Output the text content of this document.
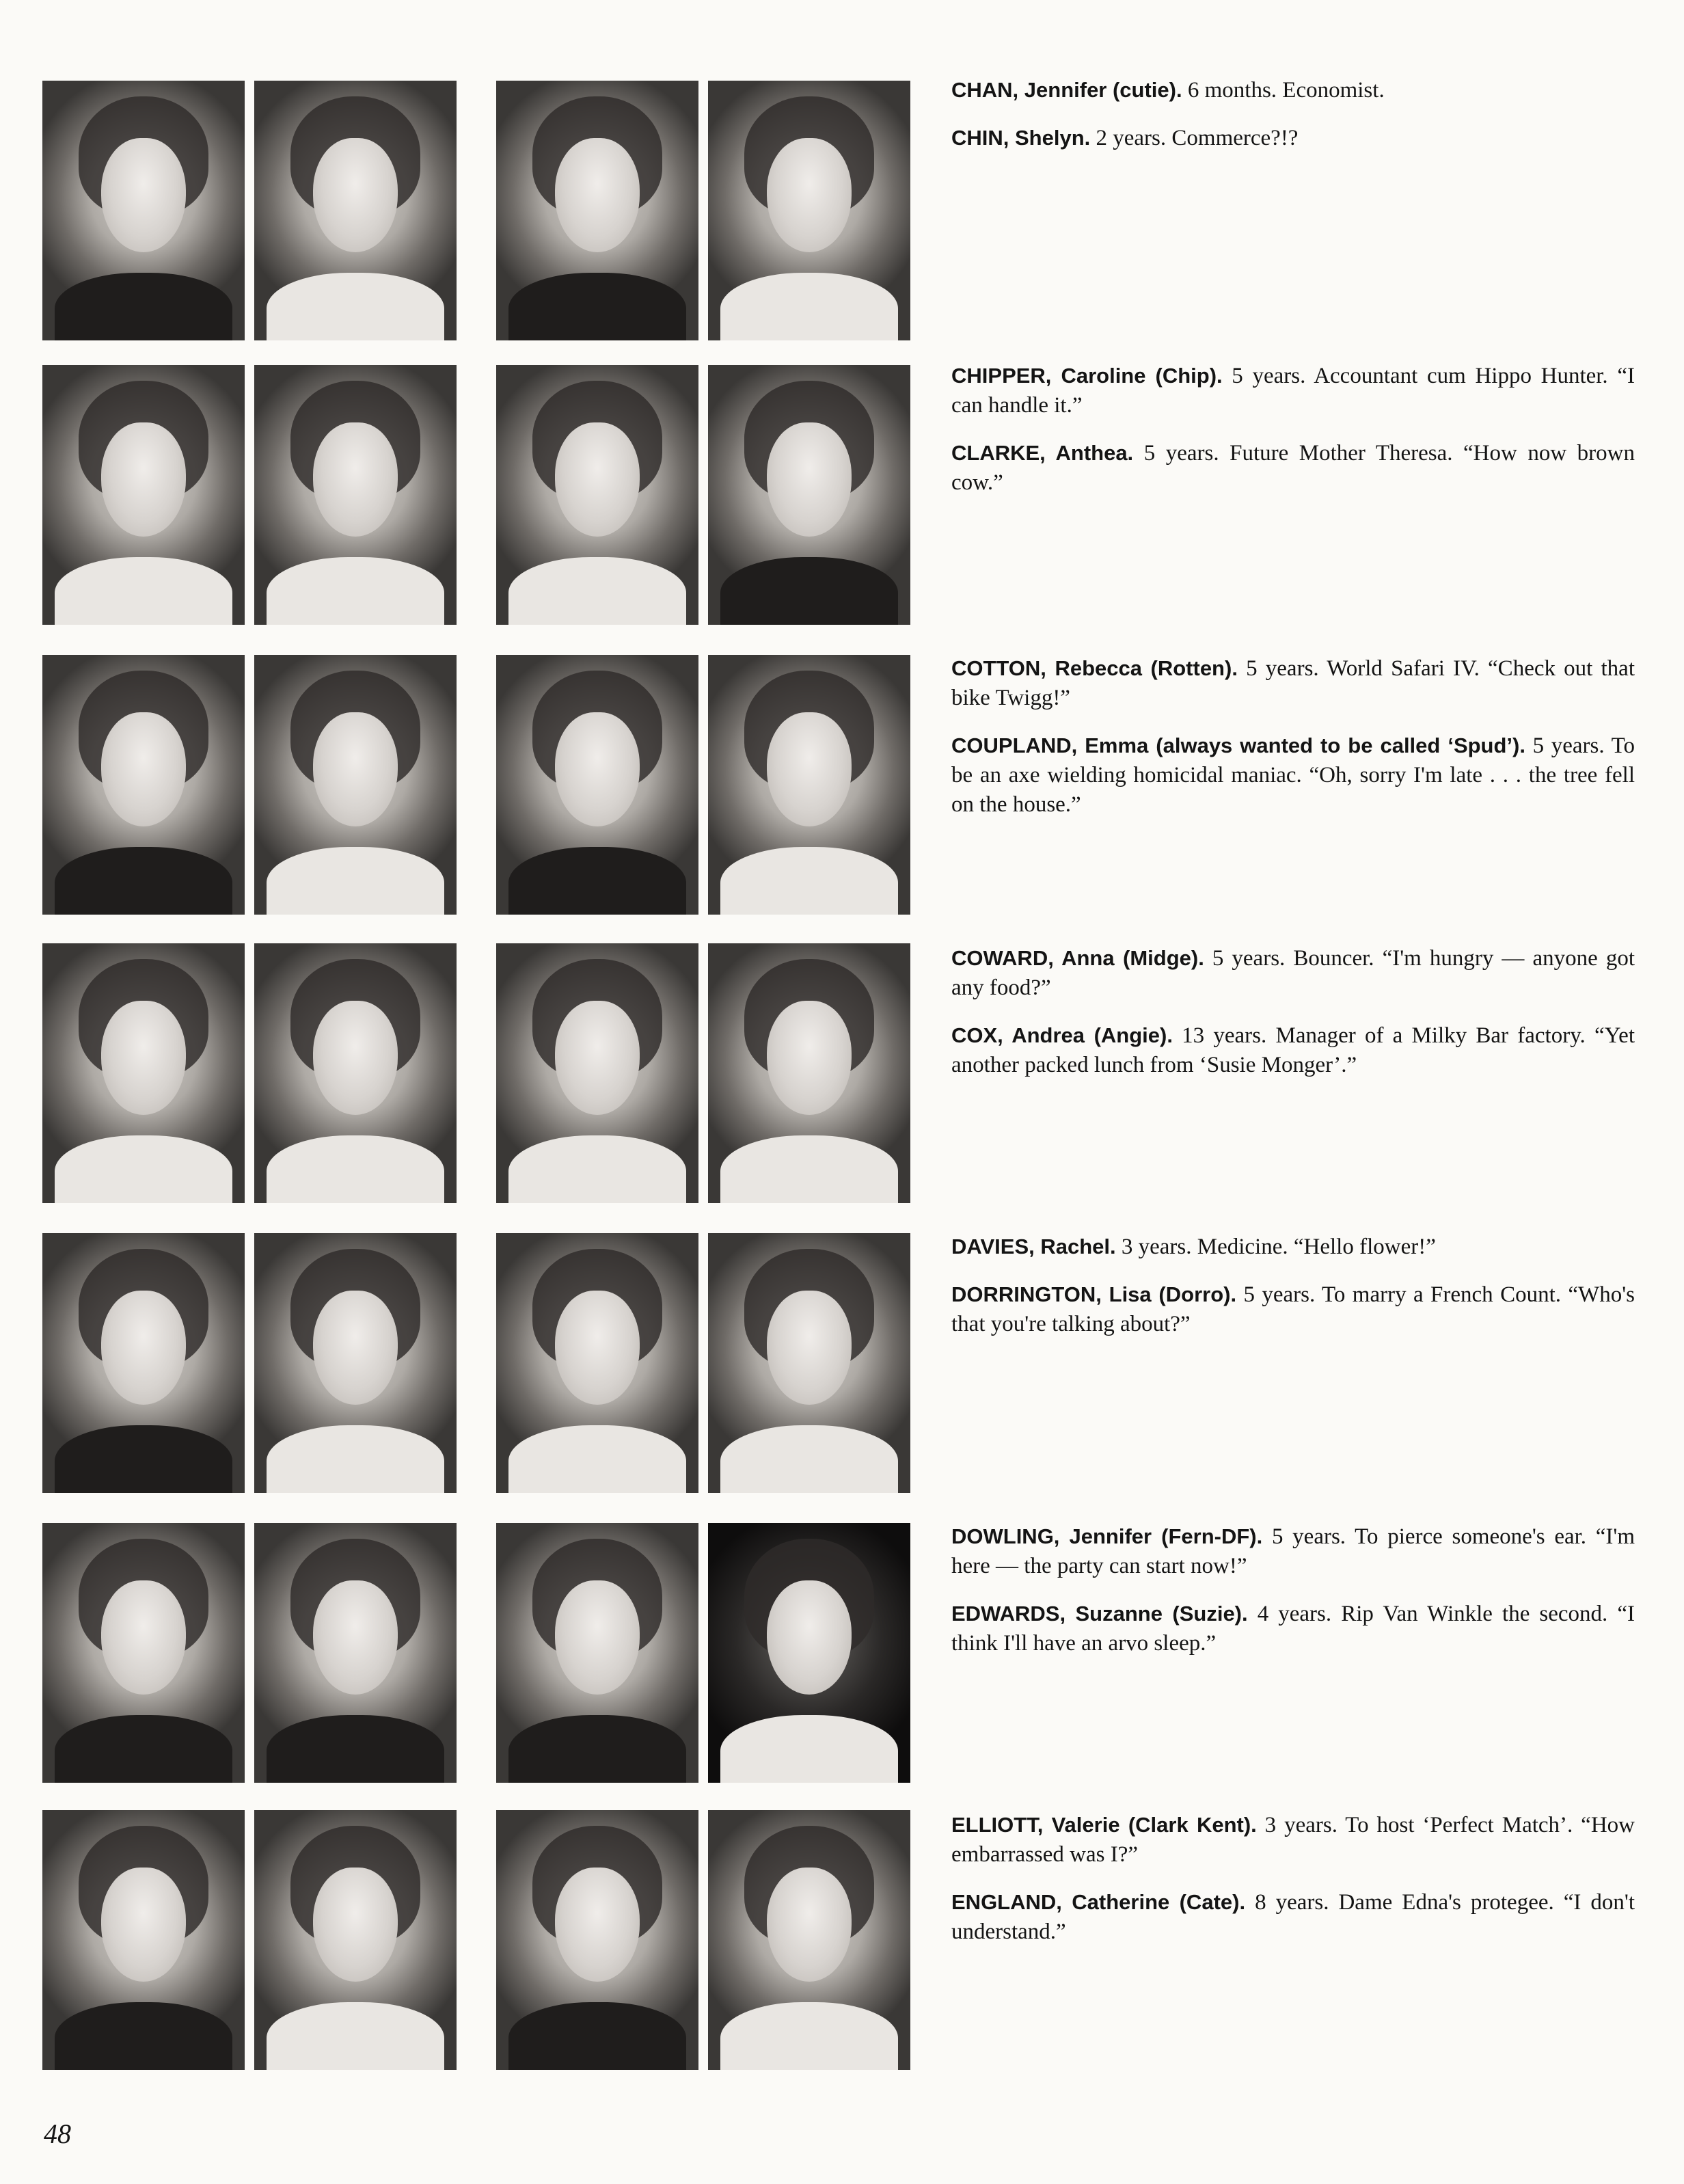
CHAN, Jennifer (cutie). 6 months. Economist.

CHIN, Shelyn. 2 years. Commerce?!?

CHIPPER, Caroline (Chip). 5 years. Accountant cum Hippo Hunter. “I can handle it.”

CLARKE, Anthea. 5 years. Future Mother Theresa. “How now brown cow.”

COTTON, Rebecca (Rotten). 5 years. World Safari IV. “Check out that bike Twigg!”

COUPLAND, Emma (always wanted to be called ‘Spud’). 5 years. To be an axe wielding homicidal maniac. “Oh, sorry I'm late . . . the tree fell on the house.”

COWARD, Anna (Midge). 5 years. Bouncer. “I'm hungry — anyone got any food?”

COX, Andrea (Angie). 13 years. Manager of a Milky Bar factory. “Yet another packed lunch from ‘Susie Monger’.”

DAVIES, Rachel. 3 years. Medicine. “Hello flower!”

DORRINGTON, Lisa (Dorro). 5 years. To marry a French Count. “Who's that you're talking about?”

DOWLING, Jennifer (Fern-DF). 5 years. To pierce someone's ear. “I'm here — the party can start now!”

EDWARDS, Suzanne (Suzie). 4 years. Rip Van Winkle the second. “I think I'll have an arvo sleep.”

ELLIOTT, Valerie (Clark Kent). 3 years. To host ‘Perfect Match’. “How embarrassed was I?”

ENGLAND, Catherine (Cate). 8 years. Dame Edna's protegee. “I don't understand.”

48
